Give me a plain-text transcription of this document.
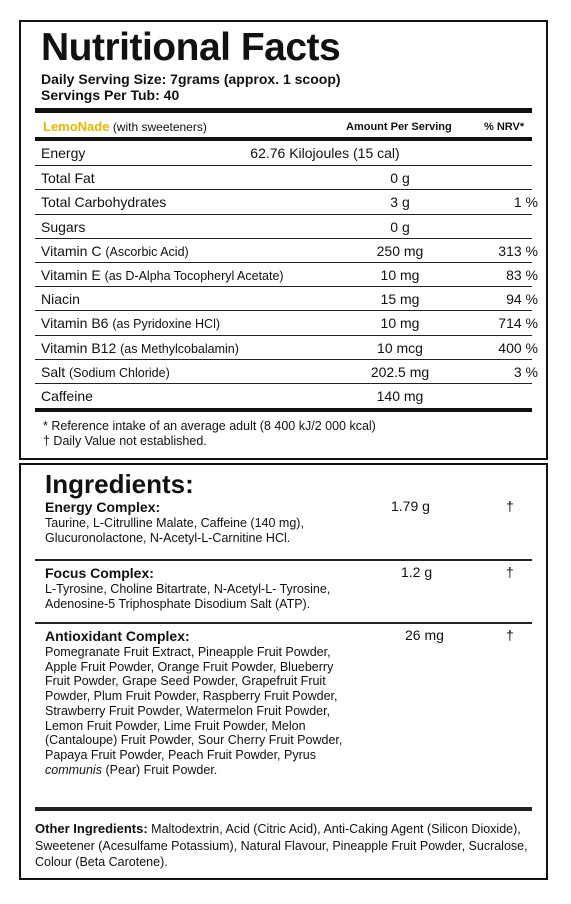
Nutritional Facts
Daily Serving Size: 7grams (approx. 1 scoop)
Servings Per Tub: 40
LemoNade (with sweeteners)	Amount Per Serving	% NRV*
Energy	62.76 Kilojoules (15 cal)
Total Fat	0 g
Total Carbohydrates	3 g	1 %
Sugars	0 g
Vitamin C (Ascorbic Acid)	250 mg	313 %
Vitamin E (as D-Alpha Tocopheryl Acetate)	10 mg	83 %
Niacin	15 mg	94 %
Vitamin B6 (as Pyridoxine HCl)	10 mg	714 %
Vitamin B12 (as Methylcobalamin)	10 mcg	400 %
Salt (Sodium Chloride)	202.5 mg	3 %
Caffeine	140 mg
* Reference intake of an average adult (8 400 kJ/2 000 kcal)
† Daily Value not established.
Ingredients:
Energy Complex:	1.79 g	†
Taurine, L-Citrulline Malate, Caffeine (140 mg),
Glucuronolactone, N-Acetyl-L-Carnitine HCl.
Focus Complex:	1.2 g	†
L-Tyrosine, Choline Bitartrate, N-Acetyl-L- Tyrosine,
Adenosine-5 Triphosphate Disodium Salt (ATP).
Antioxidant Complex:	26 mg	†
Pomegranate Fruit Extract, Pineapple Fruit Powder,
Apple Fruit Powder, Orange Fruit Powder, Blueberry
Fruit Powder, Grape Seed Powder, Grapefruit Fruit
Powder, Plum Fruit Powder, Raspberry Fruit Powder,
Strawberry Fruit Powder, Watermelon Fruit Powder,
Lemon Fruit Powder, Lime Fruit Powder, Melon
(Cantaloupe) Fruit Powder, Sour Cherry Fruit Powder,
Papaya Fruit Powder, Peach Fruit Powder, Pyrus
communis (Pear) Fruit Powder.
Other Ingredients: Maltodextrin, Acid (Citric Acid), Anti-Caking Agent (Silicon Dioxide), Sweetener (Acesulfame Potassium), Natural Flavour, Pineapple Fruit Powder, Sucralose, Colour (Beta Carotene).
